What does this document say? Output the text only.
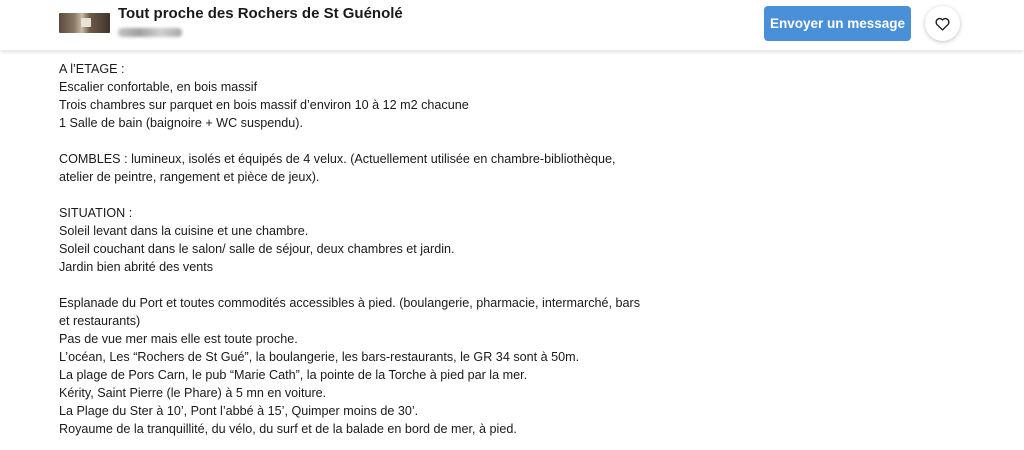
Tout proche des Rochers de St Guénolé
Envoyer un message
A l’ETAGE :
Escalier confortable, en bois massif
Trois chambres sur parquet en bois massif d’environ 10 à 12 m2 chacune
1 Salle de bain (baignoire + WC suspendu).
COMBLES : lumineux, isolés et équipés de 4 velux. (Actuellement utilisée en chambre-bibliothèque,
atelier de peintre, rangement et pièce de jeux).
SITUATION :
Soleil levant dans la cuisine et une chambre.
Soleil couchant dans le salon/ salle de séjour, deux chambres et jardin.
Jardin bien abrité des vents
Esplanade du Port et toutes commodités accessibles à pied. (boulangerie, pharmacie, intermarché, bars
et restaurants)
Pas de vue mer mais elle est toute proche.
L’océan, Les “Rochers de St Gué”, la boulangerie, les bars-restaurants, le GR 34 sont à 50m.
La plage de Pors Carn, le pub “Marie Cath”, la pointe de la Torche à pied par la mer.
Kérity, Saint Pierre (le Phare) à 5 mn en voiture.
La Plage du Ster à 10’, Pont l’abbé à 15’, Quimper moins de 30’.
Royaume de la tranquillité, du vélo, du surf et de la balade en bord de mer, à pied.
